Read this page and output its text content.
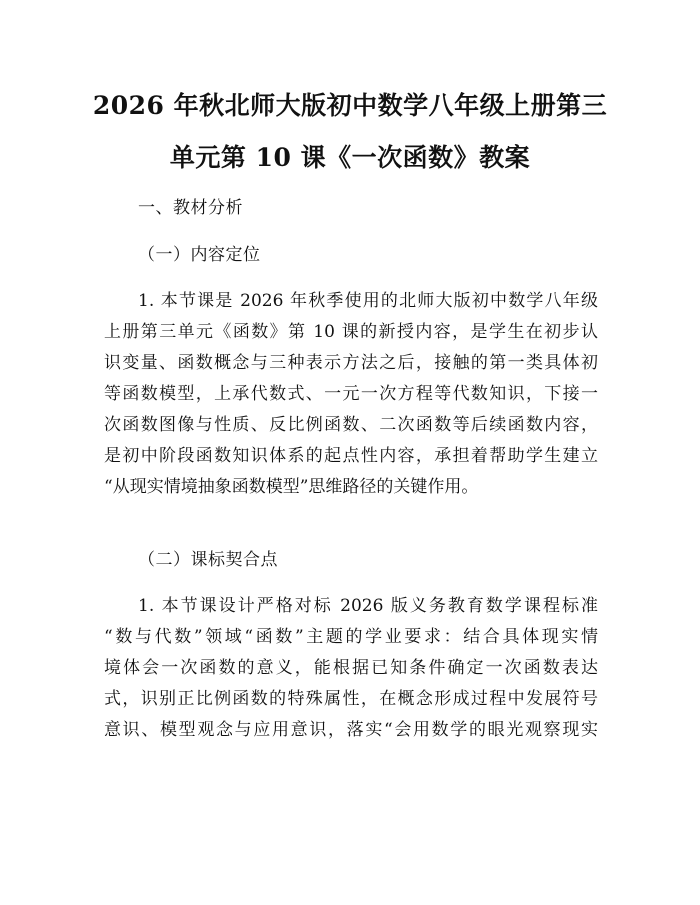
2026 年秋北师大版初中数学八年级上册第三
单元第 10 课《一次函数》教案
一、教材分析
（一）内容定位
1. 本节课是 2026 年秋季使用的北师大版初中数学八年级
上册第三单元《函数》第 10 课的新授内容，是学生在初步认
识变量、函数概念与三种表示方法之后，接触的第一类具体初
等函数模型，上承代数式、一元一次方程等代数知识，下接一
次函数图像与性质、反比例函数、二次函数等后续函数内容，
是初中阶段函数知识体系的起点性内容，承担着帮助学生建立
“从现实情境抽象函数模型”思维路径的关键作用。
（二）课标契合点
1. 本节课设计严格对标 2026 版义务教育数学课程标准
“数与代数”领域“函数”主题的学业要求：结合具体现实情
境体会一次函数的意义，能根据已知条件确定一次函数表达
式，识别正比例函数的特殊属性，在概念形成过程中发展符号
意识、模型观念与应用意识，落实“会用数学的眼光观察现实
